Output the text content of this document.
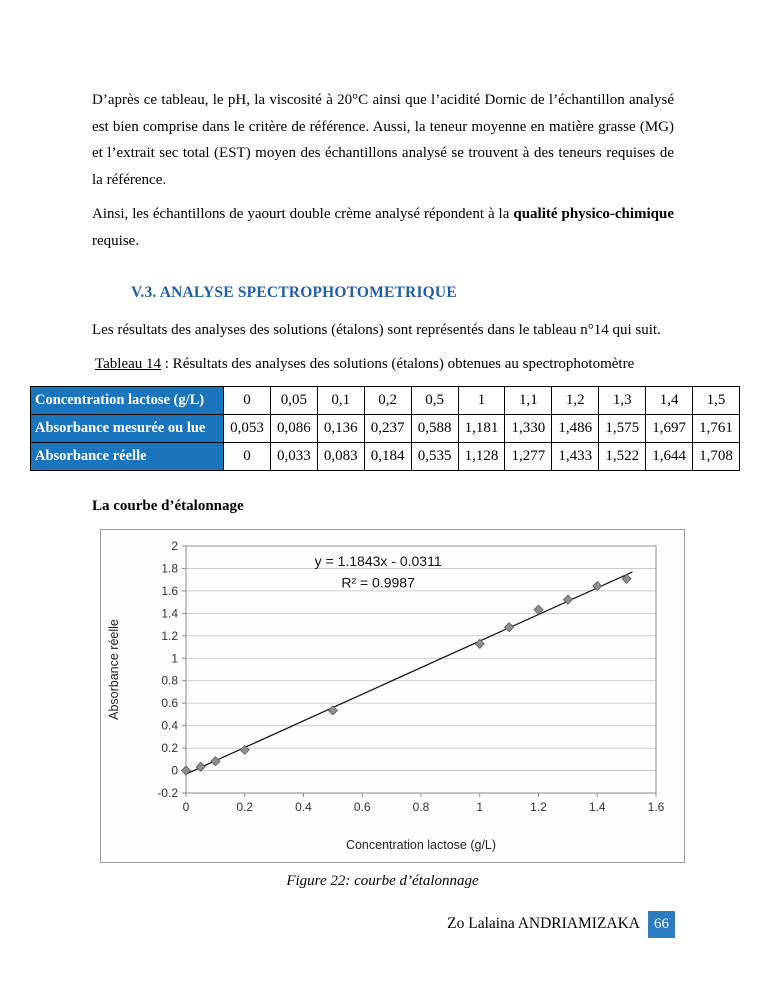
D’après ce tableau, le pH, la viscosité à 20°C ainsi que l’acidité Dornic de l’échantillon analysé est bien comprise dans le critère de référence. Aussi, la teneur moyenne en matière grasse (MG) et l’extrait sec total (EST) moyen des échantillons analysé se trouvent à des teneurs requises de la référence.

Ainsi, les échantillons de yaourt double crème analysé répondent à la qualité physico-chimique requise.

V.3. ANALYSE SPECTROPHOTOMETRIQUE

Les résultats des analyses des solutions (étalons) sont représentés dans le tableau n°14 qui suit.

Tableau 14 : Résultats des analyses des solutions (étalons) obtenues au spectrophotomètre

Concentration lactose (g/L)	0	0,05	0,1	0,2	0,5	1	1,1	1,2	1,3	1,4	1,5
Absorbance mesurée ou lue	0,053	0,086	0,136	0,237	0,588	1,181	1,330	1,486	1,575	1,697	1,761
Absorbance réelle	0	0,033	0,083	0,184	0,535	1,128	1,277	1,433	1,522	1,644	1,708

La courbe d’étalonnage

-0.2
0
0.2
0.4
0.6
0.8
1
1.2
1.4
1.6
1.8
2
0	0.2	0.4	0.6	0.8	1	1.2	1.4	1.6
y = 1.1843x - 0.0311
R² = 0.9987
Concentration lactose (g/L)
Absorbance réelle

Figure 22: courbe d’étalonnage

Zo Lalaina ANDRIAMIZAKA 66
